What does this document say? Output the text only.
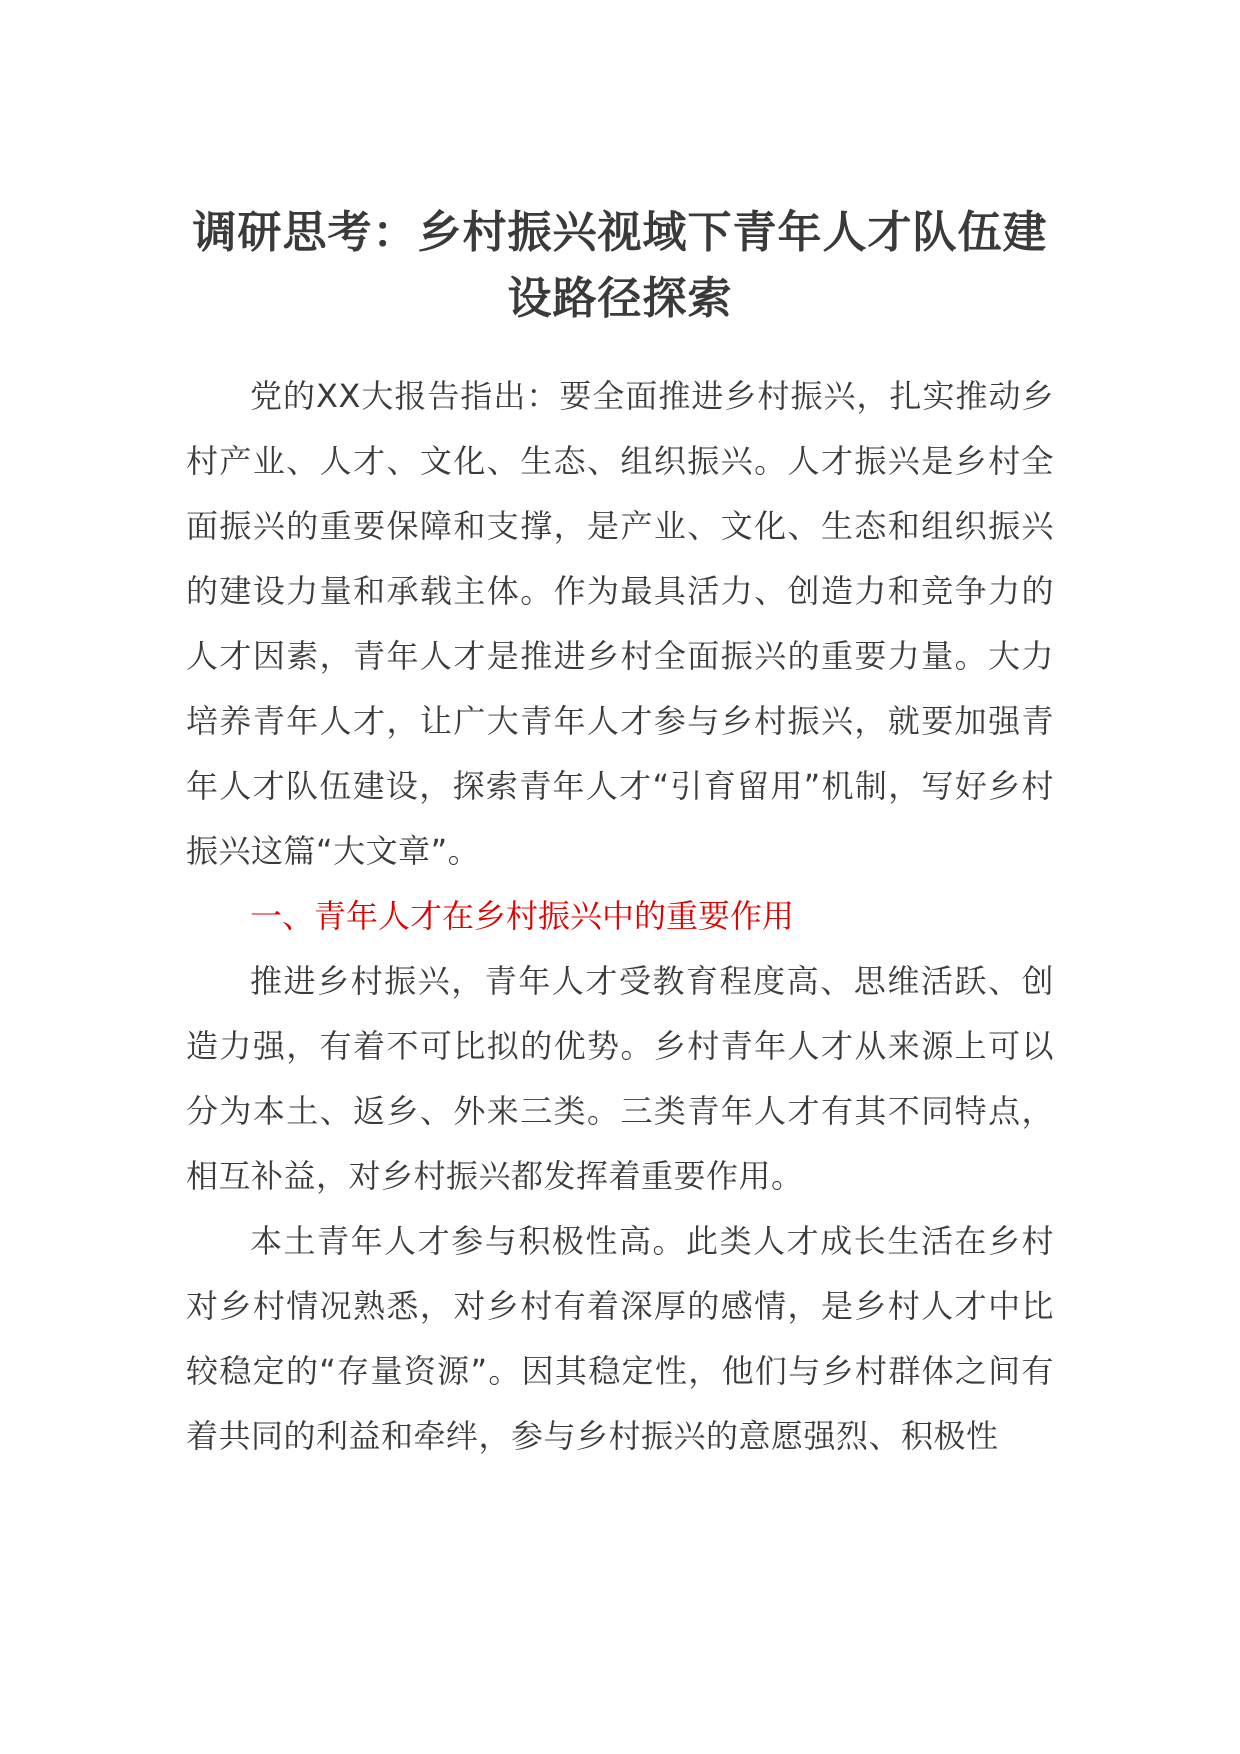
调研思考：乡村振兴视域下青年人才队伍建设路径探索

党的XX大报告指出：要全面推进乡村振兴，扎实推动乡村产业、人才、文化、生态、组织振兴。人才振兴是乡村全面振兴的重要保障和支撑，是产业、文化、生态和组织振兴的建设力量和承载主体。作为最具活力、创造力和竞争力的人才因素，青年人才是推进乡村全面振兴的重要力量。大力培养青年人才，让广大青年人才参与乡村振兴，就要加强青年人才队伍建设，探索青年人才“引育留用”机制，写好乡村振兴这篇“大文章”。

一、青年人才在乡村振兴中的重要作用

推进乡村振兴，青年人才受教育程度高、思维活跃、创造力强，有着不可比拟的优势。乡村青年人才从来源上可以分为本土、返乡、外来三类。三类青年人才有其不同特点，相互补益，对乡村振兴都发挥着重要作用。

本土青年人才参与积极性高。此类人才成长生活在乡村对乡村情况熟悉，对乡村有着深厚的感情，是乡村人才中比较稳定的“存量资源”。因其稳定性，他们与乡村群体之间有着共同的利益和牵绊，参与乡村振兴的意愿强烈、积极性
